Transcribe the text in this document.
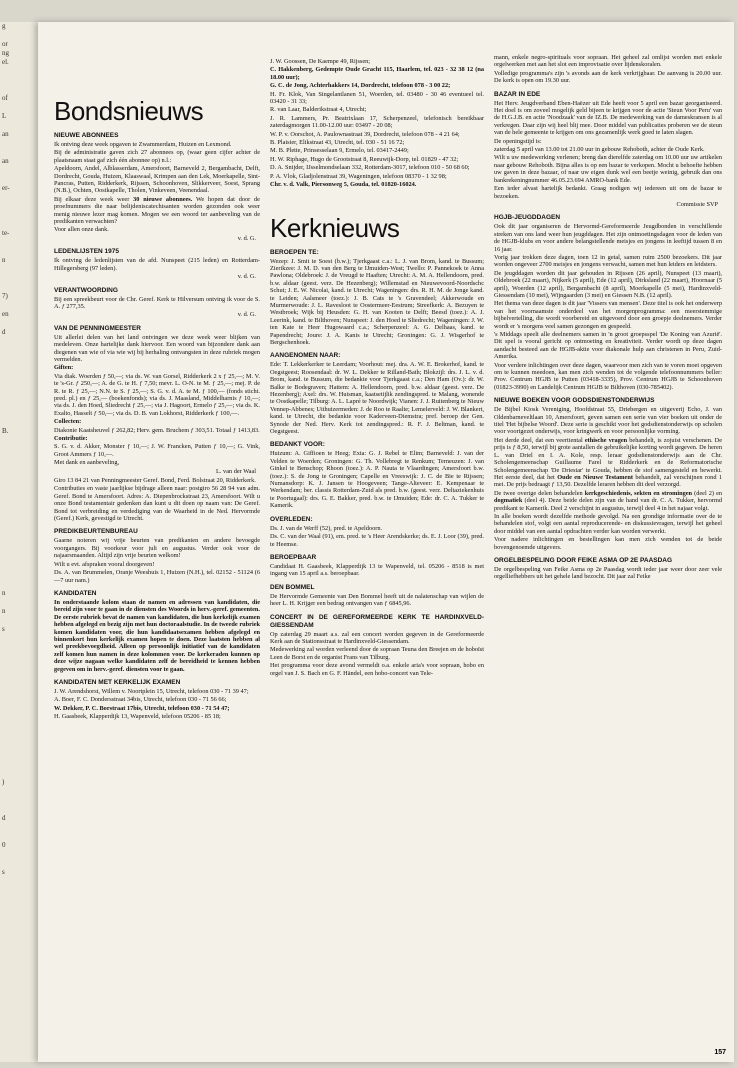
g

or
ng
el.

of

L

an

an

er-

te-

n

7)

en

d

B.

n

n

s

)

d

0

s

Bondsnieuws
NIEUWE ABONNEES

Ik ontving deze week opgaven te Zwammerdam, Huizen en Lexmond.

Bij de administratie gaven zich 27 abonnees op, (waar geen cijfer achter de plaatsnaam staat gaf zich één abonnee op) n.l.:

Apeldoorn, Andel, Alblasserdam, Amersfoort, Barneveld 2, Bergambacht, Delft, Dordrecht, Gouda, Huizen, Klaaswaal, Krimpen aan den Lek, Moerkapelle, Sint-Pancras, Putten, Ridderkerk, Rijssen, Schoonhoven, Slikkerveer, Soest, Sprang (N.B.), Ochten, Oostkapelle, Tholen, Vinkeveen, Veenendaal.

Bij elkaar deze week weer 30 nieuwe abonnees. We hopen dat door de proefnummers die naar belijdeniscatechisanten worden gezonden ook weer menig nieuwe lezer mag komen. Mogen we een woord ter aanbeveling van de predikanten verwachten?

Voor allen onze dank.

v. d. G.

LEDENLIJSTEN 1975

Ik ontving de ledenlijsten van de afd. Nunspeet (215 leden) en Rotterdam-Hillegersberg (97 leden).

v. d. G.

VERANTWOORDING

Bij een spreekbeurt voor de Chr. Geref. Kerk te Hilversum ontving ik voor de S. A. ƒ 277,35.

v. d. G.

VAN DE PENNINGMEESTER

Uit allerlei delen van het land ontvingen we deze week weer blijken van medeleven. Onze hartelijke dank hiervoor. Een woord van bijzondere dank aan diegenen van wie of via wie wij bij herhaling ontvangsten in deze rubriek mogen vermelden.

Giften:

Via diak. Woerden ƒ 50,—; via ds. W. van Gorsel, Ridderkerk 2 x ƒ 25,—; M. V. te 's-Gr. ƒ 250,—; A. de G. te H. ƒ 7,50; mevr. L. O-N. te M. ƒ 25,—; mej. P. de R. te R. ƒ 25,—; N.N. te S. ƒ 25,—; S. G. v. d. A. te M. ƒ 100,— (fonds sticht. pred. pl.) en ƒ 25,— (boekenfonds); via ds. J. Maasland, Middelharnis ƒ 10,—; via ds. J. den Hoed, Sliedrecht ƒ 25,—; via J. Hagoort, Ermelo ƒ 25,—; via ds. K. Exalto, Hasselt ƒ 50,—; via ds. D. B. van Lokhorst, Ridderkerk ƒ 100,—.

Collecten:

Diakonie Kaatsheuvel ƒ 262,82; Herv. gem. Bruchem ƒ 303,51. Totaal ƒ 1413,83.

Contributie:

S. G. v. d. Akker, Monster ƒ 10,—; J. W. Francken, Putten ƒ 10,—; G. Vink, Groot Ammers ƒ 10,—.

Met dank en aanbeveling,

L. van der Waal

Giro 13 84 21 van Penningmeester Geref. Bond, Ferd. Bolstraat 20, Ridderkerk.

Contributies en vaste jaarlijkse bijdrage alleen naar: postgiro 56 28 94 van adm. Geref. Bond te Amersfoort. Adres: A. Diepenbrockstraat 23, Amersfoort. Wilt u onze Bond testamentair gedenken dan kunt u dit doen op naam van: De Geref. Bond tot verbreiding en verdediging van de Waarheid in de Ned. Hervormde (Geref.) Kerk, gevestigd te Utrecht.

PREDIKBEURTENBUREAU

Gaarne noteren wij vrije beurten van predikanten en andere bevoegde voorgangers. Bij voorkeur voor juli en augustus. Verder ook voor de najaarsmaanden. Altijd zijn vrije beurten welkom!

Wilt u evt. afspraken vooral doorgeven!

Ds. A. van Brummelen, Oranje Weeshuis 1, Huizen (N.H.), tel. 02152 - 51124 (6—7 uur nam.)

KANDIDATEN

In onderstaande kolom staan de namen en adressen van kandidaten, die bereid zijn voor te gaan in de diensten des Woords in herv.-geref. gemeenten. De eerste rubriek bevat de namen van kandidaten, die hun kerkelijk examen hebben afgelegd en bezig zijn met hun doctoraalstudie. In de tweede rubriek komen kandidaten voor, die hun kandidaatsexamen hebben afgelegd en binnenkort hun kerkelijk examen hopen te doen. Deze laatsten hebben al wel preekbevoegdheid. Alleen op persoonlijk initiatief van de kandidaten zelf komen hun namen in deze kolommen voor. De kerkeraden kunnen op deze wijze nagaan welke kandidaten zelf de bereidheid te kennen hebben gegeven om in herv.-geref. diensten voor te gaan.

KANDIDATEN MET KERKELIJK EXAMEN

J. W. Arendshorst, Willem v. Noortplein 15, Utrecht, telefoon 030 - 71 39 47;

A. Boer, F. C. Dondersstraat 34bis, Utrecht, telefoon 030 - 71 56 66;

W. Dekker, P. C. Borstraat 17bis, Utrecht, telefoon 030 - 71 54 47;

H. Gaasbeek, Klapperdijk 13, Wapenveld, telefoon 05206 - 85 18;

J. W. Goossen, De Kaempe 49, Rijssen;

C. Hakkenberg, Gedempte Oude Gracht 115, Haarlem, tel. 023 - 32 38 12 (na 18.00 uur);

G. C. de Jong, Achterhakkers 14, Dordrecht, telefoon 078 - 3 00 22;

H. Fr. Klok, Van Singelantlanen 51, Woerden, tel. 03480 - 30 46 eventueel tel. 03420 - 31 33;

R. van Laar, Balderikstraat 4, Utrecht;

J. R. Lammers, Pr. Beatrixlaan 17, Scherpenzeel, telefonisch bereikbaar zaterdagmorgen 11.00-12.00 uur: 03497 - 20 08;

W. P. v. Oorschot, A. Paulownastraat 39, Dordrecht, telefoon 078 - 4 21 64;

B. Plaisier, Elikstraat 43, Utrecht, tel. 030 - 51 16 72;

M. B. Plette, Prinsesselaan 9, Ermelo, tel. 03417-2449;

H. W. Riphage, Hugo de Grootstraat 8, Reeuwijk-Dorp, tel. 01829 - 47 32;

D. A. Snijder, IJsselmondselaan 332, Rotterdam-3017, telefoon 010 - 50 68 60;

P. A. Vlok, Gladjolenstraat 39, Wageningen, telefoon 08370 - 1 32 98;

Chr. v. d. Valk, Piersonweg 5, Gouda, tel. 01820-16024.

Kerknieuws
BEROEPEN TE:

Wezep: J. Smit te Soest (b.w.); Tjerkgaast c.a.: L. J. van Brom, kand. te Bussum; Zierikzee: J. M. D. van den Berg te IJmuiden-West; Twello: P. Pannekoek te Anna Pawlona; Oldebroek: J. de Vreugd te Haaften; Utrecht: A. M. A. Hellendoorn, pred. b.w. aldaar (geest. verz. De Hezenberg); Willemstad en Nieuwevoord-Noordschc Schut; J. E. W. Nicolai, kand. te Utrecht; Wageningen: drs. R. H. M. de Jonge kand. te Leiden; Aalsmeer (toez.): J. B. Cats te 's Gravendeel; Akkerwoude en Murmerwoude: J. L. Ravesloot te Oostermeer-Eestrum; Streefkerk: A. Bezuyen te Westbroek; Wijk bij Heusden: G. H. van Kooten te Delft; Beesd (toez.): A. J. Leerink, kand. te Bilthoven; Nunspeet: J. den Hoed te Sliedrecht; Wageningen: J. W. ten Kate te Heer Hugowaard c.a.; Scherpenzeel: A. G. Delhaas, kand. te Papendrecht; Joure: J. A. Kanis te Utrecht; Groningen: G. J. Wisgerhof te Bergschenhoek.

AANGENOMEN NAAR:

Ede: T. Lekkerkerker te Leerdam; Voorhout: mej. dra. A. W. E. Brokerhof, kand. te Oegstgeest; Roosendaal: dr. W. L. Dekker te Rilland-Bath; Blokzijl: drs. J. L. v. d. Brom, kand. te Bussum, die bedankte voor Tjerkgaast c.a.; Den Ham (Ov.): dr. W. Balke te Bodegraven; Hattem: A. Hellendoorn, pred. b.w. aldaar (geest. verz. De Hezenberg); Axel: drs. W. Huisman, kaatsetijlik zendingspred. te Malang, wonende te Oostkapelle; Tilburg: A. L. Lapré te Noordwijk; Vianen: J. J. Ruitenberg te Nieuw Vennep-Abbenes; Uithuizermeden: J. de Roo te Raalte; Lemelerveld: J. W. Blankert, kand. te Utrecht, die bedankte voor Kaderveen-Diemstra; pref. beroep der Gen. Synode der Ned. Herv. Kerk tot zendingspred.: R. F. J. Beltman, kand. te Oegstgeest.

BEDANKT VOOR:

Huizum: A. Giffioen te Heeg; Exta: G. J. Rebel te Elim; Barneveld: J. van der Velden te Woerden; Groningen: G. Th. Vollebregt te Renkum; Terneuzen: J. van Ginkel te Benschop; Rhoon (toez.): A. P. Nauta te Vlaardingen; Amersfoort b.w. (toez.): S. de Jong te Groningen; Capelle en Vreeswijk: J. C. de Bie te Rijssen; Numansdorp: K. J. Jansen te Hoogeveen; Tange-Alteveer: E. Kempenaar te Werkendam; ber. classis Rotterdam-Zuid als pred. b.w. (geest. verz. Deltaziekenhuis te Poortugaal): drs. G. E. Bakker, pred. b.w. te IJmuiden; Ede: dr. C. A. Tukker te Kamerik.

OVERLEDEN:

Ds. J. van de Werff (52), pred. te Apeldoorn.

Ds. C. van der Waal (91), em. pred. te 's Heer Arendskerke; ds. E. J. Loor (39), pred. te Heemse.

BEROEPBAAR

Candidaat H. Gaasbeek, Klapperdijk 13 te Wapenveld, tel. 05206 - 8518 is met ingang van 15 april a.s. beroepbaar.

DEN BOMMEL

De Hervormde Gemeente van Den Bommel heeft uit de nalatenschap van wijlen de heer L. H. Krijger een bedrag ontvangen van ƒ 6845,96.

CONCERT IN DE GEREFORMEERDE KERK TE HARDINXVELD-GIESSENDAM

Op zaterdag 29 maart a.s. zal een concert worden gegeven in de Gereformeerde Kerk aan de Stationsstraat te Hardinxveld-Giessendam.

Medewerking zal worden verleend door de sopraan Teuna den Breejen en de hoboïst Leen de Borst en de organist Frans van Tilburg.

Het programma voor deze avond vermeldt o.a. enkele aria's voor sopraan, hobo en orgel van J. S. Bach en G. F. Händel, een hobo-concert van Tele-

mann, enkele negro-spirituals voor sopraan. Het geheel zal omlijst worden met enkele orgelwerken met aan het slot een improvisatie over lijdenskoralen.

Volledige programma's zijn 's avonds aan de kerk verkrijgbaar. De aanvang is 20.00 uur. De kerk is open om 19.30 uur.

BAZAR IN EDE

Het Herv. Jeugdverband Eben-Haëzer uit Ede heeft voor 5 april een bazar georganiseerd. Het doel is om zoveel mogelijk geld bijeen te krijgen voor de actie 'Steun Voor Peru' van de H.G.J.B. en actie 'Noodzaak' van de IZ.B. De medewerking van de dameskransen is al verkregen. Daar zijn wij heel blij mee. Door middel van publicaties proberen we de steun van de hele gemeente te krijgen om ons gezamenlijk werk goed te laten slagen.

De openingstijd is:

zaterdag 5 april van 13.00 tot 21.00 uur in gebouw Rehoboth, achter de Oude Kerk.

Wilt u uw medewerking verlenen; breng dan dierelfde zaterdag om 10.00 uur uw artikelen naar gebouw Rehoboth. Bijna alles is op een bazar te verkopen. Mocht u behoefte hebben uw gaven in deze bazaar, of naar uw eigen dunk wel een beetje weinig, gebruik dan ons bankrekeningnummer 46.05.23.694 AMRO-bank Ede.

Een ieder alvast hartelijk bedankt. Graag nodigen wij iedereen uit om de bazar te bezoeken.

Commissie SVP

HGJB-JEUGDDAGEN

Ook dit jaar organiseren de Hervormd-Gereformeerde Jeugdbonden in verschillende streken van ons land weer hun jeugddagen. Het zijn ontmoetingsdagen voor de leden van de HGJB-klubs en voor andere belangstellende meisjes en jongens in leeftijd tussen 8 en 16 jaar.

Vorig jaar trokken deze dagen, toen 12 in getal, samen ruim 2500 bezoekers. Dit jaar worden ongeveer 2700 meisjes en jongens verwacht, samen met hun leiders en leidsters.

De jeugddagen worden dit jaar gehouden in Rijssen (26 april), Nunspeet (13 maart), Oldebroek (22 maart), Nijkerk (5 april), Ede (12 april), Dirksland (22 maart), Hoornaar (5 april), Woerden (12 april), Bergambacht (8 april), Moerkapelle (5 mei), Hardinxveld-Giessendam (10 mei), Wijngaarden (3 mei) en Giessen N.B. (12 april).

Het thema van deze dagen is dit jaar 'Vissers van mensen'. Deze titel is ook het onderwerp van het voornaamste onderdeel van het morgenprogramma: een meerstemmige bijbelvertelling, die wordt voorbereid en uitgevoerd door een groepje deelnemers. Verder wordt er 's morgens veel samen gezongen en gespeeld.

's Middags speelt alle deelnemers samen in 'n groot groepsspel 'De Koning van Azurië'. Dit spel is vooral gericht op ontmoeting en kreativiteit. Verder wordt op deze dagen aandacht besteed aan de HGJB-aktie voor diakonale hulp aan christenen in Peru, Zuid-Amerika.

Voor verdere inlichtingen over deze dagen, waarvoor men zich van te voren moet opgeven om te kunnen meedoen, kan men zich wenden tot de volgende telefoonnummers beller: Prov. Centrum HGJB te Putten (03418-3335), Prov. Centrum HGJB te Schoonhoven (01823-3990) en Landelijk Centrum HGJB te Bilthoven (030-785402).

NIEUWE BOEKEN VOOR GODSDIENSTONDERWIJS

De Bijbel Kiosk Vereniging, Hoofdstraat 55, Driebergen en uitgeverij Echo, J. van Oldenbarneveltlaan 10, Amersfoort, geven samen een serie van vier boeken uit onder de titel 'Het bijbelse Woord'. Deze serie is geschikt voor het godsdienstonderwijs op scholen voor voortgezet onderwijs, voor kringwerk en voor persoonlijke vorming.

Het derde deel, dat een veertiental ethische vragen behandelt, is zojuist verschenen. De prijs is ƒ 8,50, terwijl bij grote aantallen de gebruikelijke korting wordt gegeven. De heren L. van Driel en I. A. Kole, resp. leraar godsdienstonderwijs aan de Chr. Scholengemeenschap Guillaume Farel te Ridderkerk en de Reformatorische Scholengemeenschap 'De Driestar' te Gouda, hebben de stof samengesteld en bewerkt. Het eerste deel, dat het Oude en Nieuwe Testament behandelt, zal verschijnen rond 1 mei. De prijs bedraagt ƒ 13,50. Dezelfde leraren hebben dit deel verzorgd.

De twee overige delen behandelen kerkgeschiedenis, sekten en stromingen (deel 2) en dogmatiek (deel 4). Deze beide delen zijn van de hand van dr. C. A. Tukker, hervormd predikant te Kamerik. Deel 2 verschijnt in augustus, terwijl deel 4 in het najaar volgt.

In alle boeken wordt dezelfde methode gevolgd. Na een grondige informatie over de te behandelen stof, volgt een aantal reproducerende- en diskussievragen, terwijl het geheel door middel van een aantal opdrachten verder kan worden verwerkt.

Voor nadere inlichtingen en bestellingen kan men zich wenden tot de beide bovengenoemde uitgevers.

ORGELBESPELING DOOR FEIKE ASMA OP 2E PAASDAG

De orgelbespeling van Feike Asma op 2e Paasdag wordt ieder jaar weer door zeer vele orgelliefhebbers uit het gehele land bezocht. Dit jaar zal Feike

157
